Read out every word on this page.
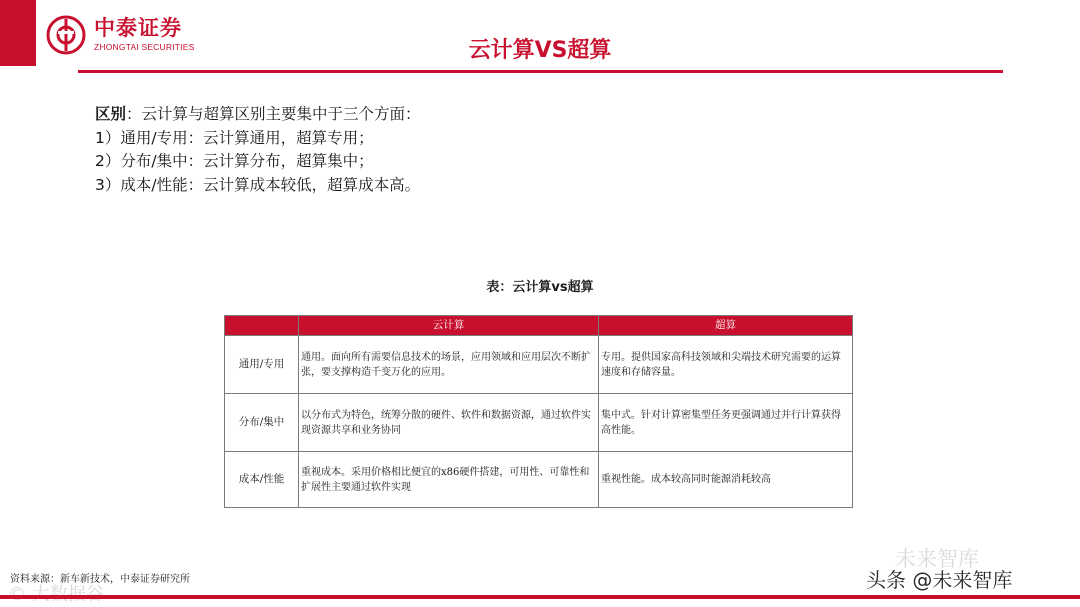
中泰证券
ZHONGTAI SECURITIES	云计算VS超算
区别：云计算与超算区别主要集中于三个方面：
1）通用/专用：云计算通用，超算专用；
2）分布/集中：云计算分布，超算集中；
3）成本/性能：云计算成本较低，超算成本高。
表：云计算vs超算
	云计算	超算
通用/专用	通用。面向所有需要信息技术的场景，应用领域和应用层次不断扩张，要支撑构造千变万化的应用。	专用。提供国家高科技领域和尖端技术研究需要的运算速度和存储容量。
分布/集中	以分布式为特色，统筹分散的硬件、软件和数据资源，通过软件实现资源共享和业务协同	集中式。针对计算密集型任务更强调通过并行计算获得高性能。
成本/性能	重视成本。采用价格相比便宜的x86硬件搭建，可用性、可靠性和扩展性主要通过软件实现	重视性能。成本较高同时能源消耗较高
资料来源：新车新技术，中泰证券研究所
未来智库
头条 @未来智库
